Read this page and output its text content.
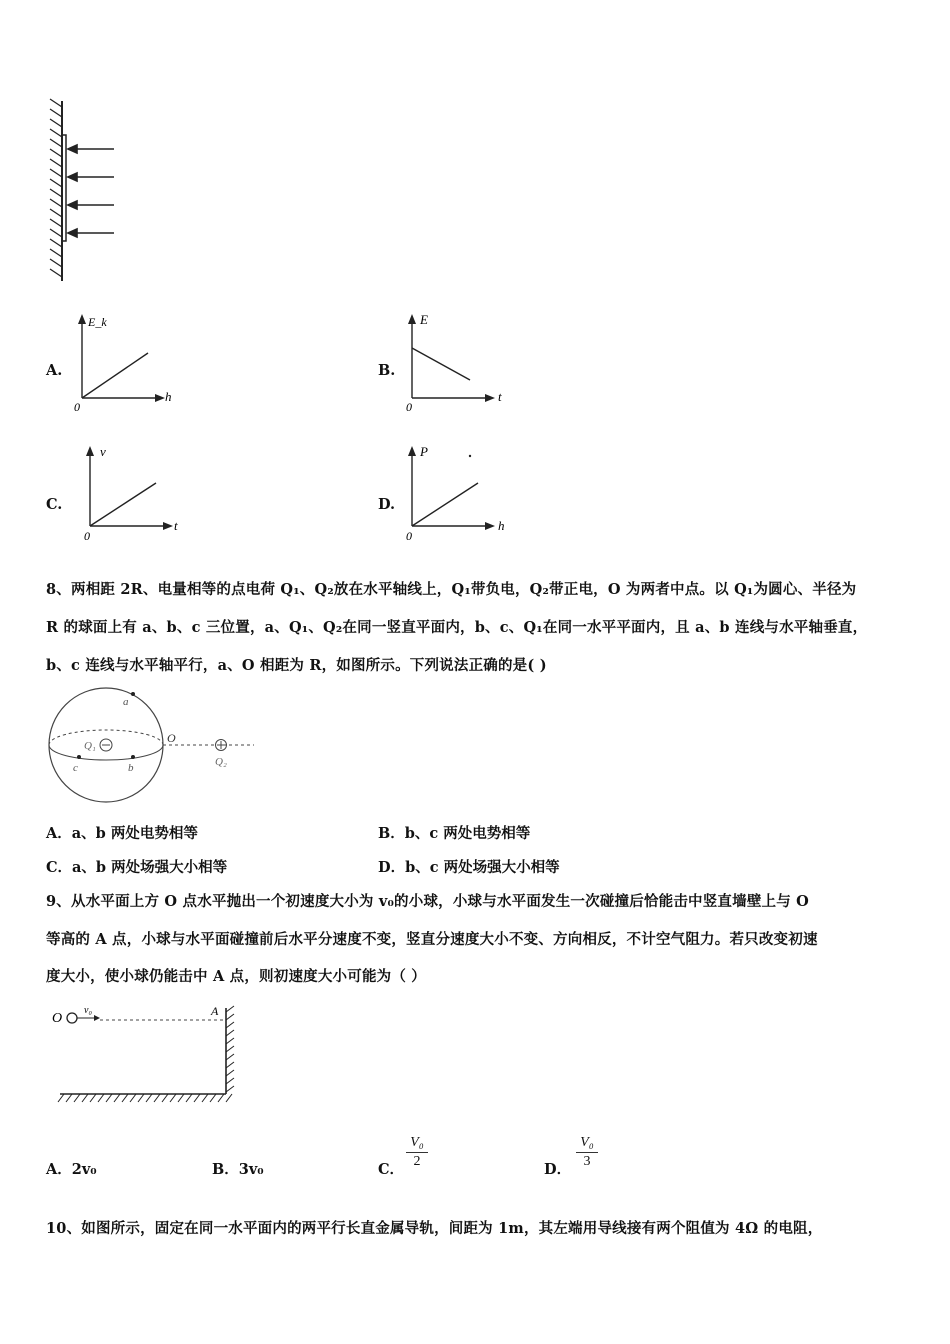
A.
E_k
h
0
B.
E
t
0
C.
v
t
0
D.
P
h
0
8、两相距 2R、电量相等的点电荷 Q₁、Q₂放在水平轴线上，Q₁带负电，Q₂带正电，O 为两者中点。以 Q₁为圆心、半径为
R 的球面上有 a、b、c 三位置，a、Q₁、Q₂在同一竖直平面内，b、c、Q₁在同一水平平面内，且 a、b 连线与水平轴垂直，
b、c 连线与水平轴平行，a、O 相距为 R，如图所示。下列说法正确的是( )
a
Q₁
O
Q₂
c	b
A．a、b 两处电势相等	B．b、c 两处电势相等
C．a、b 两处场强大小相等	D．b、c 两处场强大小相等
9、从水平面上方 O 点水平抛出一个初速度大小为 v₀的小球，小球与水平面发生一次碰撞后恰能击中竖直墙壁上与 O
等高的 A 点，小球与水平面碰撞前后水平分速度不变，竖直分速度大小不变、方向相反，不计空气阻力。若只改变初速
度大小，使小球仍能击中 A 点，则初速度大小可能为（ ）
O
v₀	A
A．2v₀	B．3v₀	C． $\frac{\text{V₀}}{2}$	D． $\frac{\text{V₀}}{3}$
10、如图所示，固定在同一水平面内的两平行长直金属导轨，间距为 1m，其左端用导线接有两个阻值为 4Ω 的电阻，
